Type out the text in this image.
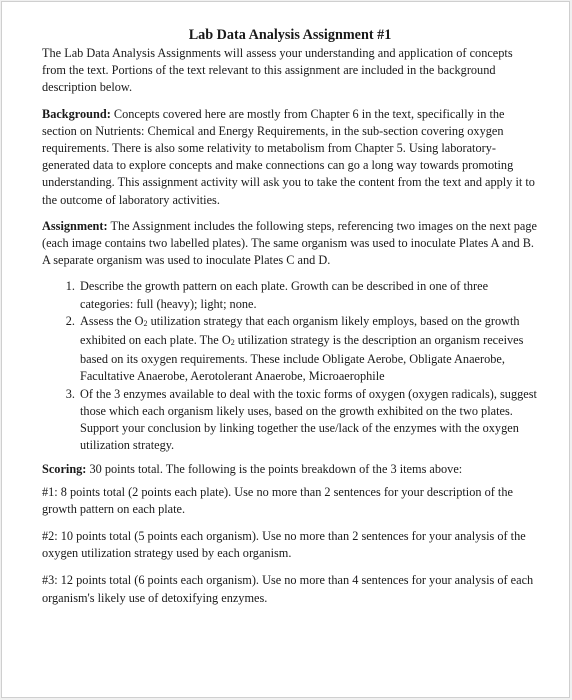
Lab Data Analysis Assignment #1

The Lab Data Analysis Assignments will assess your understanding and application of concepts from the text. Portions of the text relevant to this assignment are included in the background description below.

Background: Concepts covered here are mostly from Chapter 6 in the text, specifically in the section on Nutrients: Chemical and Energy Requirements, in the sub-section covering oxygen requirements. There is also some relativity to metabolism from Chapter 5. Using laboratory-generated data to explore concepts and make connections can go a long way towards promoting understanding. This assignment activity will ask you to take the content from the text and apply it to the outcome of laboratory activities.

Assignment: The Assignment includes the following steps, referencing two images on the next page (each image contains two labelled plates). The same organism was used to inoculate Plates A and B. A separate organism was used to inoculate Plates C and D.

1. Describe the growth pattern on each plate. Growth can be described in one of three categories: full (heavy); light; none.
2. Assess the O2 utilization strategy that each organism likely employs, based on the growth exhibited on each plate. The O2 utilization strategy is the description an organism receives based on its oxygen requirements. These include Obligate Aerobe, Obligate Anaerobe, Facultative Anaerobe, Aerotolerant Anaerobe, Microaerophile
3. Of the 3 enzymes available to deal with the toxic forms of oxygen (oxygen radicals), suggest those which each organism likely uses, based on the growth exhibited on the two plates. Support your conclusion by linking together the use/lack of the enzymes with the oxygen utilization strategy.

Scoring: 30 points total. The following is the points breakdown of the 3 items above:

#1: 8 points total (2 points each plate). Use no more than 2 sentences for your description of the growth pattern on each plate.

#2: 10 points total (5 points each organism). Use no more than 2 sentences for your analysis of the oxygen utilization strategy used by each organism.

#3: 12 points total (6 points each organism). Use no more than 4 sentences for your analysis of each organism's likely use of detoxifying enzymes.
